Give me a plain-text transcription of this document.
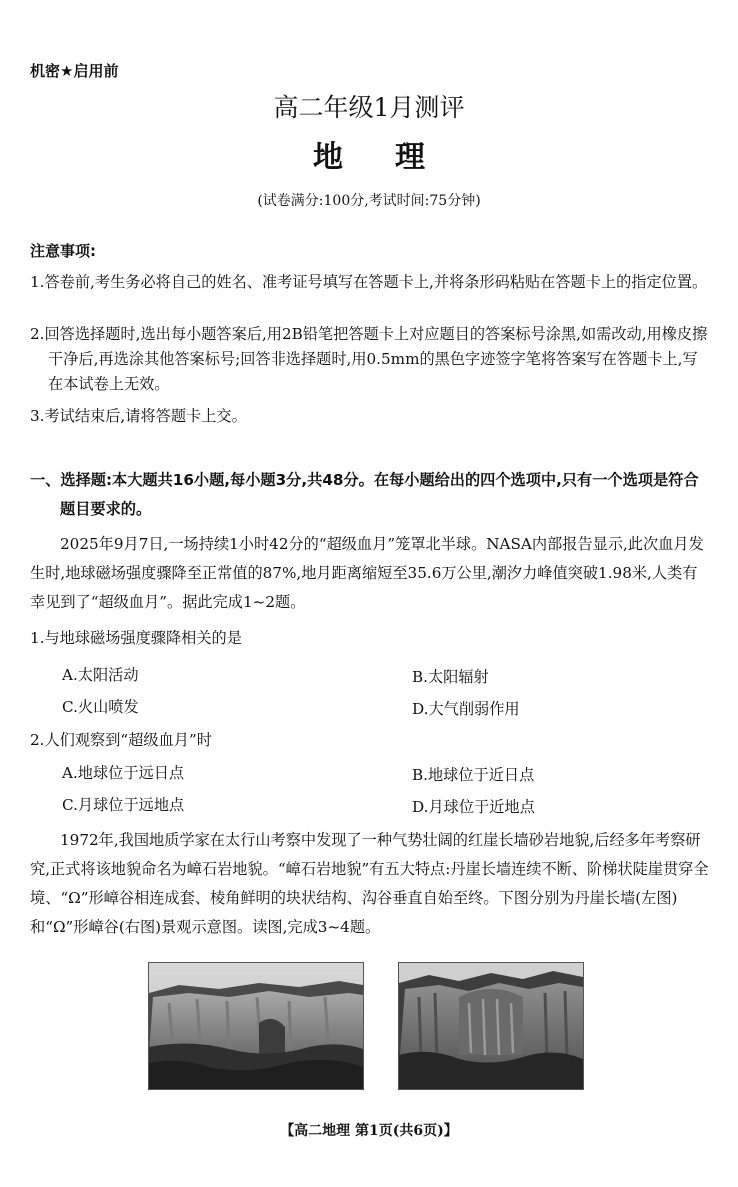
机密★启用前
高二年级1月测评
地理
(试卷满分:100分,考试时间:75分钟)
注意事项:
1.答卷前,考生务必将自己的姓名、准考证号填写在答题卡上,并将条形码粘贴在答题卡上的指定位置。
2.回答选择题时,选出每小题答案后,用2B铅笔把答题卡上对应题目的答案标号涂黑,如需改动,用橡皮擦干净后,再选涂其他答案标号;回答非选择题时,用0.5mm的黑色字迹签字笔将答案写在答题卡上,写在本试卷上无效。
3.考试结束后,请将答题卡上交。
一、选择题:本大题共16小题,每小题3分,共48分。在每小题给出的四个选项中,只有一个选项是符合题目要求的。
2025年9月7日,一场持续1小时42分的“超级血月”笼罩北半球。NASA内部报告显示,此次血月发生时,地球磁场强度骤降至正常值的87%,地月距离缩短至35.6万公里,潮汐力峰值突破1.98米,人类有幸见到了“超级血月”。据此完成1~2题。
1.与地球磁场强度骤降相关的是
A.太阳活动	B.太阳辐射
C.火山喷发	D.大气削弱作用
2.人们观察到“超级血月”时
A.地球位于远日点	B.地球位于近日点
C.月球位于远地点	D.月球位于近地点
1972年,我国地质学家在太行山考察中发现了一种气势壮阔的红崖长墙砂岩地貌,后经多年考察研究,正式将该地貌命名为嶂石岩地貌。“嶂石岩地貌”有五大特点:丹崖长墙连续不断、阶梯状陡崖贯穿全境、“Ω”形嶂谷相连成套、棱角鲜明的块状结构、沟谷垂直自始至终。下图分别为丹崖长墙(左图)和“Ω”形嶂谷(右图)景观示意图。读图,完成3~4题。
【高二地理 第1页(共6页)】
